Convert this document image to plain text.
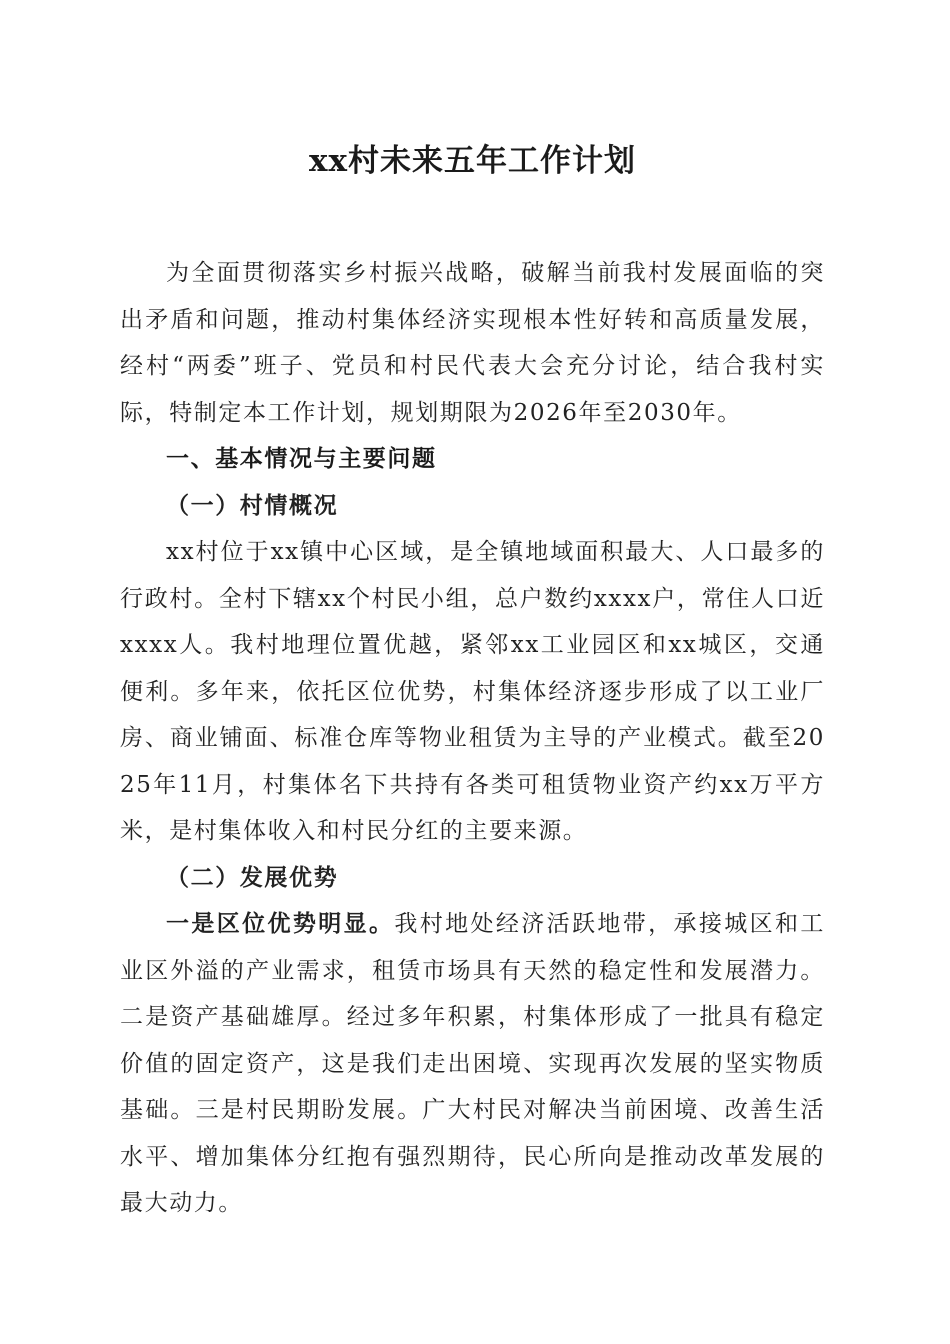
xx村未来五年工作计划

为全面贯彻落实乡村振兴战略，破解当前我村发展面临的突出矛盾和问题，推动村集体经济实现根本性好转和高质量发展，经村“两委”班子、党员和村民代表大会充分讨论，结合我村实际，特制定本工作计划，规划期限为2026年至2030年。

一、基本情况与主要问题
（一）村情概况

xx村位于xx镇中心区域，是全镇地域面积最大、人口最多的行政村。全村下辖xx个村民小组，总户数约xxxx户，常住人口近xxxx人。我村地理位置优越，紧邻xx工业园区和xx城区，交通便利。多年来，依托区位优势，村集体经济逐步形成了以工业厂房、商业铺面、标准仓库等物业租赁为主导的产业模式。截至2025年11月，村集体名下共持有各类可租赁物业资产约xx万平方米，是村集体收入和村民分红的主要来源。

（二）发展优势

一是区位优势明显。我村地处经济活跃地带，承接城区和工业区外溢的产业需求，租赁市场具有天然的稳定性和发展潜力。二是资产基础雄厚。经过多年积累，村集体形成了一批具有稳定价值的固定资产，这是我们走出困境、实现再次发展的坚实物质基础。三是村民期盼发展。广大村民对解决当前困境、改善生活水平、增加集体分红抱有强烈期待，民心所向是推动改革发展的最大动力。
